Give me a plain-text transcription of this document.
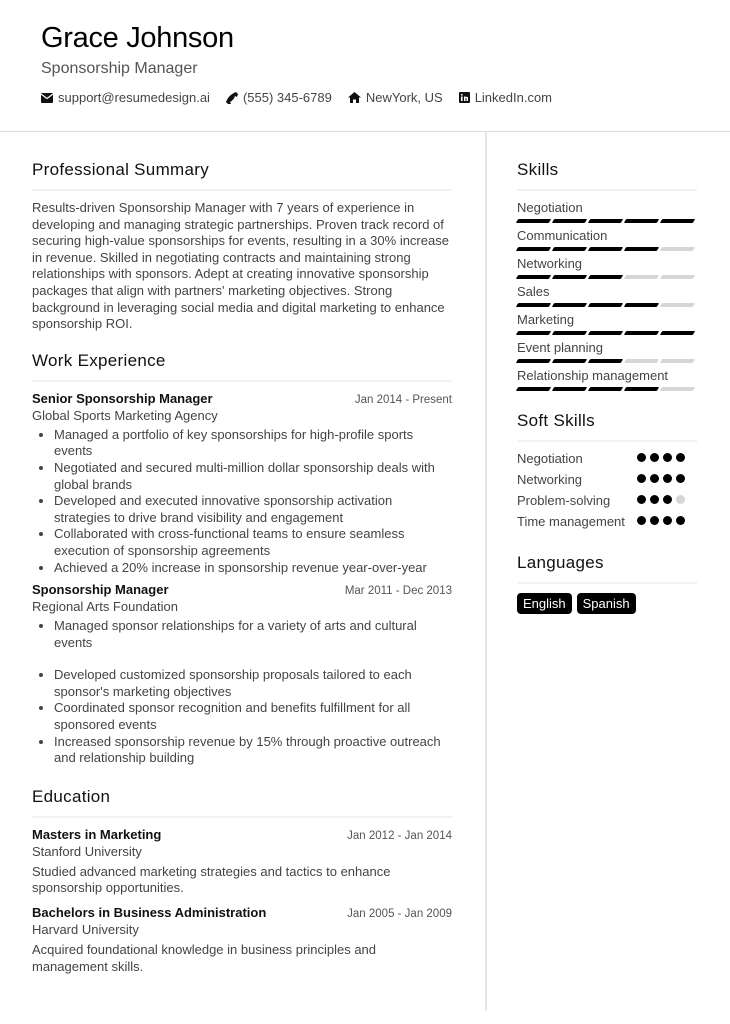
Grace Johnson
Sponsorship Manager
support@resumedesign.ai	(555) 345-6789	NewYork, US LinkedIn.com
Professional Summary
Results-driven Sponsorship Manager with 7 years of experience in developing and managing strategic partnerships. Proven track record of securing high-value sponsorships for events, resulting in a 30% increase in revenue. Skilled in negotiating contracts and maintaining strong relationships with sponsors. Adept at creating innovative sponsorship packages that align with partners' marketing objectives. Strong background in leveraging social media and digital marketing to enhance sponsorship ROI.
Work Experience
Senior Sponsorship Manager	Jan 2014 - Present
Global Sports Marketing Agency
• Managed a portfolio of key sponsorships for high-profile sports events
• Negotiated and secured multi-million dollar sponsorship deals with global brands
• Developed and executed innovative sponsorship activation strategies to drive brand visibility and engagement
• Collaborated with cross-functional teams to ensure seamless execution of sponsorship agreements
• Achieved a 20% increase in sponsorship revenue year-over-year
Sponsorship Manager	Mar 2011 - Dec 2013
Regional Arts Foundation
• Managed sponsor relationships for a variety of arts and cultural events
• Developed customized sponsorship proposals tailored to each sponsor's marketing objectives
• Coordinated sponsor recognition and benefits fulfillment for all sponsored events
• Increased sponsorship revenue by 15% through proactive outreach and relationship building
Education
Masters in Marketing	Jan 2012 - Jan 2014
Stanford University
Studied advanced marketing strategies and tactics to enhance sponsorship opportunities.
Bachelors in Business Administration	Jan 2005 - Jan 2009
Harvard University
Acquired foundational knowledge in business principles and management skills.
Skills
Negotiation
Communication
Networking
Sales
Marketing
Event planning
Relationship management
Soft Skills
Negotiation
Networking
Problem-solving
Time management
Languages
English	Spanish
